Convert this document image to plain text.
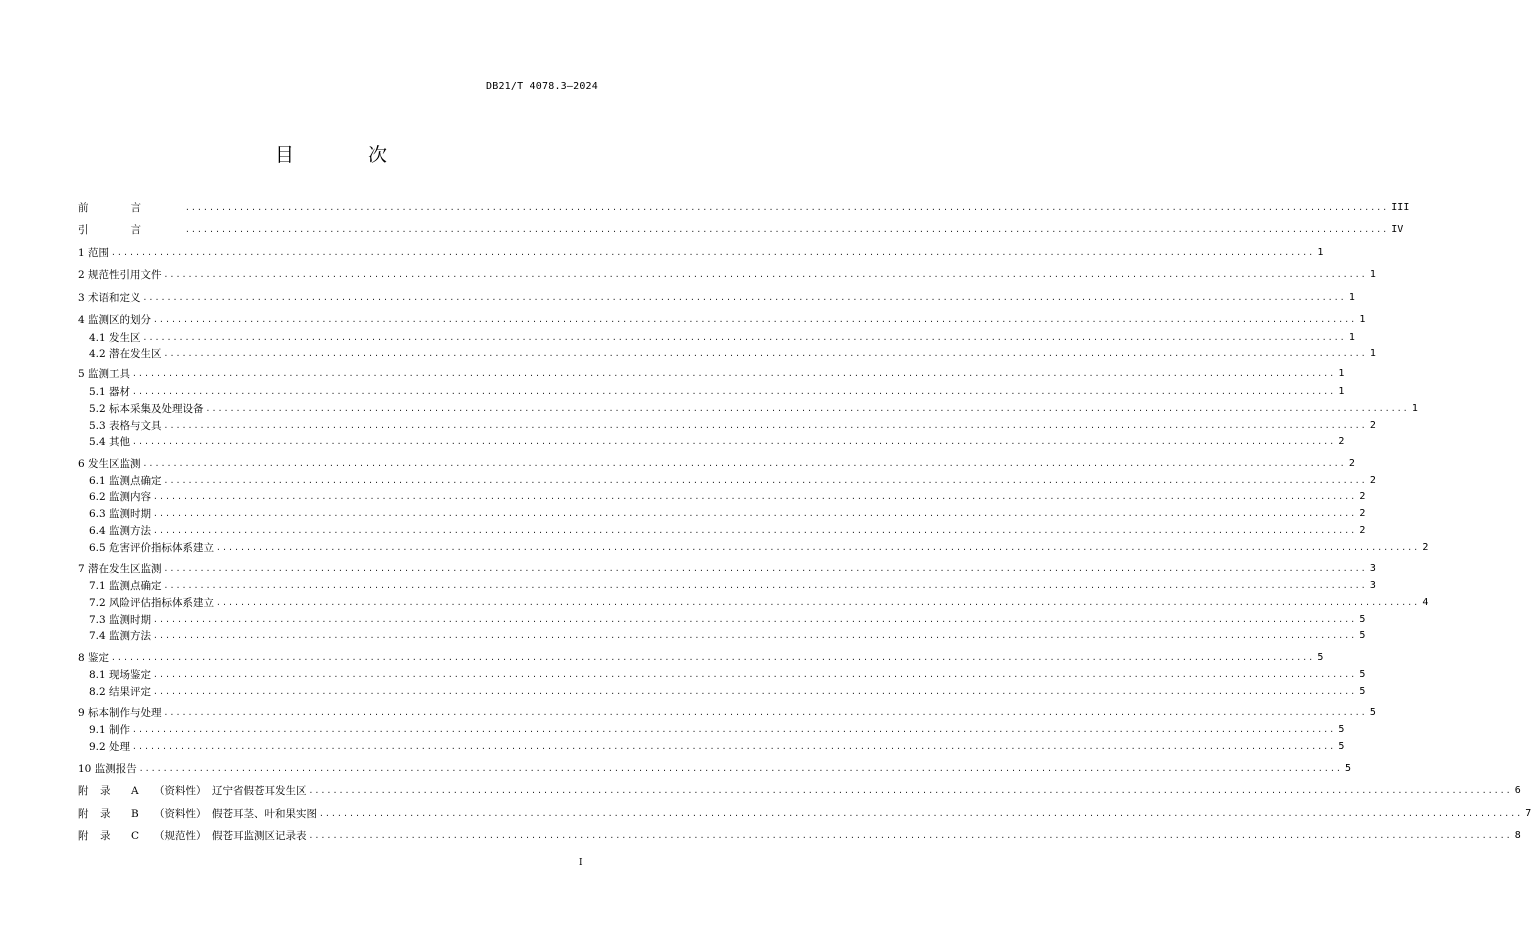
DB21/T 4078.3—2024
目 次
前言 ........................................................................................................................................................................................................ III
引言 ........................................................................................................................................................................................................ IV
1 范围 ........................................................................................................................................................................................................ 1
2 规范性引用文件 ........................................................................................................................................................................................................ 1
3 术语和定义 ........................................................................................................................................................................................................ 1
4 监测区的划分 ........................................................................................................................................................................................................ 1
4.1 发生区 ........................................................................................................................................................................................................ 1
4.2 潜在发生区 ........................................................................................................................................................................................................ 1
5 监测工具 ........................................................................................................................................................................................................ 1
5.1 器材 ........................................................................................................................................................................................................ 1
5.2 标本采集及处理设备 ........................................................................................................................................................................................................ 1
5.3 表格与文具 ........................................................................................................................................................................................................ 2
5.4 其他 ........................................................................................................................................................................................................ 2
6 发生区监测 ........................................................................................................................................................................................................ 2
6.1 监测点确定 ........................................................................................................................................................................................................ 2
6.2 监测内容 ........................................................................................................................................................................................................ 2
6.3 监测时期 ........................................................................................................................................................................................................ 2
6.4 监测方法 ........................................................................................................................................................................................................ 2
6.5 危害评价指标体系建立 ........................................................................................................................................................................................................ 2
7 潜在发生区监测 ........................................................................................................................................................................................................ 3
7.1 监测点确定 ........................................................................................................................................................................................................ 3
7.2 风险评估指标体系建立 ........................................................................................................................................................................................................ 4
7.3 监测时期 ........................................................................................................................................................................................................ 5
7.4 监测方法 ........................................................................................................................................................................................................ 5
8 鉴定 ........................................................................................................................................................................................................ 5
8.1 现场鉴定 ........................................................................................................................................................................................................ 5
8.2 结果评定 ........................................................................................................................................................................................................ 5
9 标本制作与处理 ........................................................................................................................................................................................................ 5
9.1 制作 ........................................................................................................................................................................................................ 5
9.2 处理 ........................................................................................................................................................................................................ 5
10 监测报告 ........................................................................................................................................................................................................ 5
附 录 A （资料性） 辽宁省假苍耳发生区 ........................................................................................................................................................................................................ 6
附 录 B （资料性） 假苍耳茎、叶和果实图 ........................................................................................................................................................................................................ 7
附 录 C （规范性） 假苍耳监测区记录表 ........................................................................................................................................................................................................ 8
I
